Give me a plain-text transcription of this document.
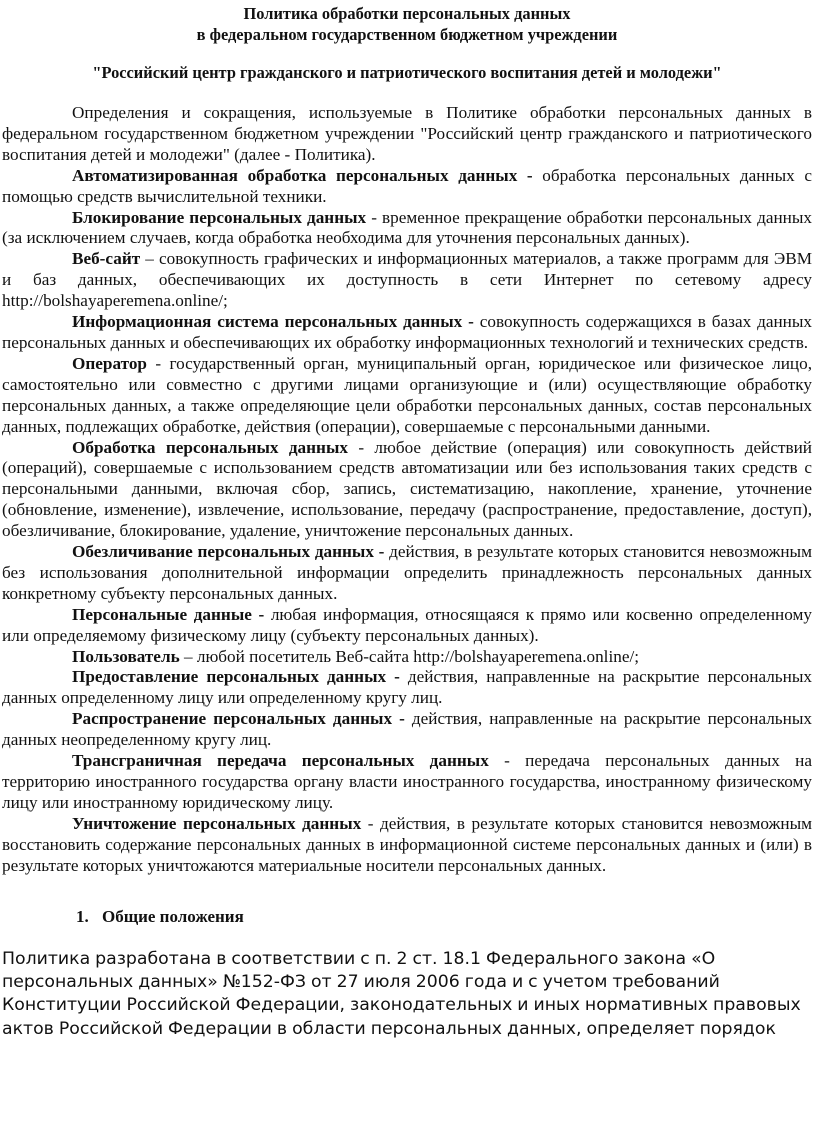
Политика обработки персональных данных
в федеральном государственном бюджетном учреждении
"Российский центр гражданского и патриотического воспитания детей и молодежи"

Определения и сокращения, используемые в Политике обработки персональных данных в федеральном государственном бюджетном учреждении "Российский центр гражданского и патриотического воспитания детей и молодежи" (далее - Политика).

Автоматизированная обработка персональных данных - обработка персональных данных с помощью средств вычислительной техники.

Блокирование персональных данных - временное прекращение обработки персональных данных (за исключением случаев, когда обработка необходима для уточнения персональных данных).

Веб-сайт – совокупность графических и информационных материалов, а также программ для ЭВМ и баз данных, обеспечивающих их доступность в сети Интернет по сетевому адресу http://bolshayaperemena.online/;

Информационная система персональных данных - совокупность содержащихся в базах данных персональных данных и обеспечивающих их обработку информационных технологий и технических средств.

Оператор - государственный орган, муниципальный орган, юридическое или физическое лицо, самостоятельно или совместно с другими лицами организующие и (или) осуществляющие обработку персональных данных, а также определяющие цели обработки персональных данных, состав персональных данных, подлежащих обработке, действия (операции), совершаемые с персональными данными.

Обработка персональных данных - любое действие (операция) или совокупность действий (операций), совершаемые с использованием средств автоматизации или без использования таких средств с персональными данными, включая сбор, запись, систематизацию, накопление, хранение, уточнение (обновление, изменение), извлечение, использование, передачу (распространение, предоставление, доступ), обезличивание, блокирование, удаление, уничтожение персональных данных.

Обезличивание персональных данных - действия, в результате которых становится невозможным без использования дополнительной информации определить принадлежность персональных данных конкретному субъекту персональных данных.

Персональные данные - любая информация, относящаяся к прямо или косвенно определенному или определяемому физическому лицу (субъекту персональных данных).

Пользователь – любой посетитель Веб-сайта http://bolshayaperemena.online/;

Предоставление персональных данных - действия, направленные на раскрытие персональных данных определенному лицу или определенному кругу лиц.

Распространение персональных данных - действия, направленные на раскрытие персональных данных неопределенному кругу лиц.

Трансграничная передача персональных данных - передача персональных данных на территорию иностранного государства органу власти иностранного государства, иностранному физическому лицу или иностранному юридическому лицу.

Уничтожение персональных данных - действия, в результате которых становится невозможным восстановить содержание персональных данных в информационной системе персональных данных и (или) в результате которых уничтожаются материальные носители персональных данных.

1. Общие положения

Политика разработана в соответствии с п. 2 ст. 18.1 Федерального закона «О персональных данных» №152-ФЗ от 27 июля 2006 года и с учетом требований Конституции Российской Федерации, законодательных и иных нормативных правовых актов Российской Федерации в области персональных данных, определяет порядок
